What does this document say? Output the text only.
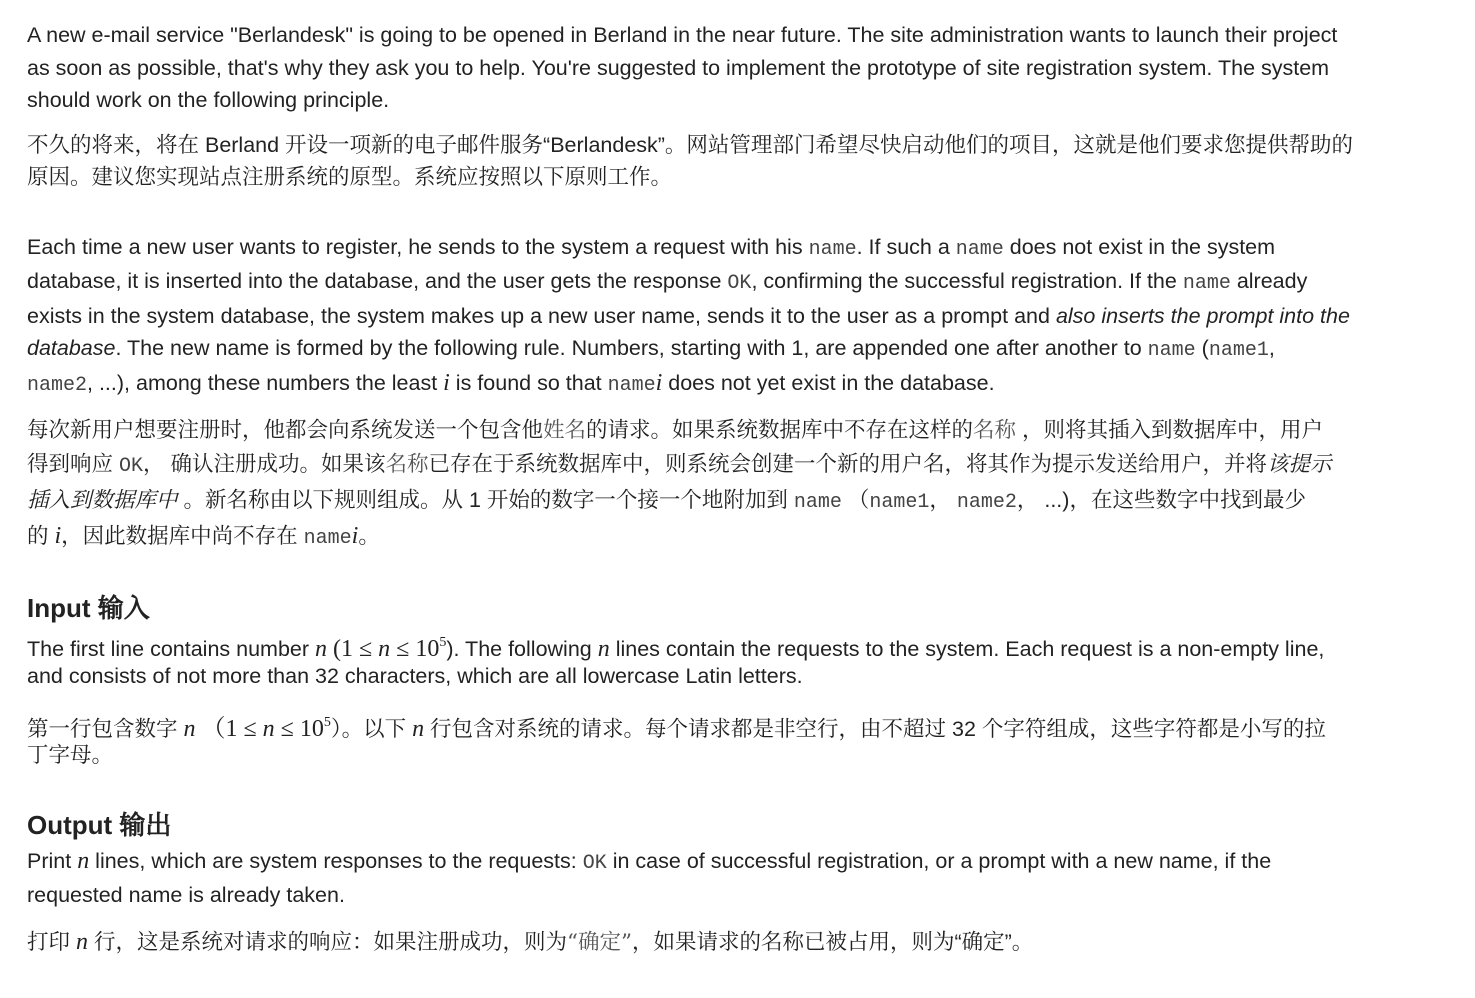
A new e-mail service "Berlandesk" is going to be opened in Berland in the near future. The site administration wants to launch their project
as soon as possible, that's why they ask you to help. You're suggested to implement the prototype of site registration system. The system
should work on the following principle.
不久的将来，将在 Berland 开设一项新的电子邮件服务“Berlandesk”。网站管理部门希望尽快启动他们的项目，这就是他们要求您提供帮助的
原因。建议您实现站点注册系统的原型。系统应按照以下原则工作。
Each time a new user wants to register, he sends to the system a request with his name. If such a name does not exist in the system
database, it is inserted into the database, and the user gets the response OK, confirming the successful registration. If the name already
exists in the system database, the system makes up a new user name, sends it to the user as a prompt and also inserts the prompt into the
database. The new name is formed by the following rule. Numbers, starting with 1, are appended one after another to name (name1,
name2, ...), among these numbers the least i is found so that namei does not yet exist in the database.
每次新用户想要注册时，他都会向系统发送一个包含他姓名的请求。如果系统数据库中不存在这样的名称 ，则将其插入到数据库中，用户
得到响应 OK， 确认注册成功。如果该名称已存在于系统数据库中，则系统会创建一个新的用户名，将其作为提示发送给用户，并将该提示
插入到数据库中 。新名称由以下规则组成。从 1 开始的数字一个接一个地附加到 name （name1， name2， ...)，在这些数字中找到最少
的 i，因此数据库中尚不存在 namei。
Input 输入
The first line contains number n $(1 \le n \le 10^5)$. The following n lines contain the requests to the system. Each request is a non-empty line,
and consists of not more than 32 characters, which are all lowercase Latin letters.
第一行包含数字 n $(1 \le n \le 10^5)$。以下 n 行包含对系统的请求。每个请求都是非空行，由不超过 32 个字符组成，这些字符都是小写的拉
丁字母。
Output 输出
Print n lines, which are system responses to the requests: OK in case of successful registration, or a prompt with a new name, if the
requested name is already taken.
打印 n 行，这是系统对请求的响应：如果注册成功，则为“确定”，如果请求的名称已被占用，则为“确定”。
